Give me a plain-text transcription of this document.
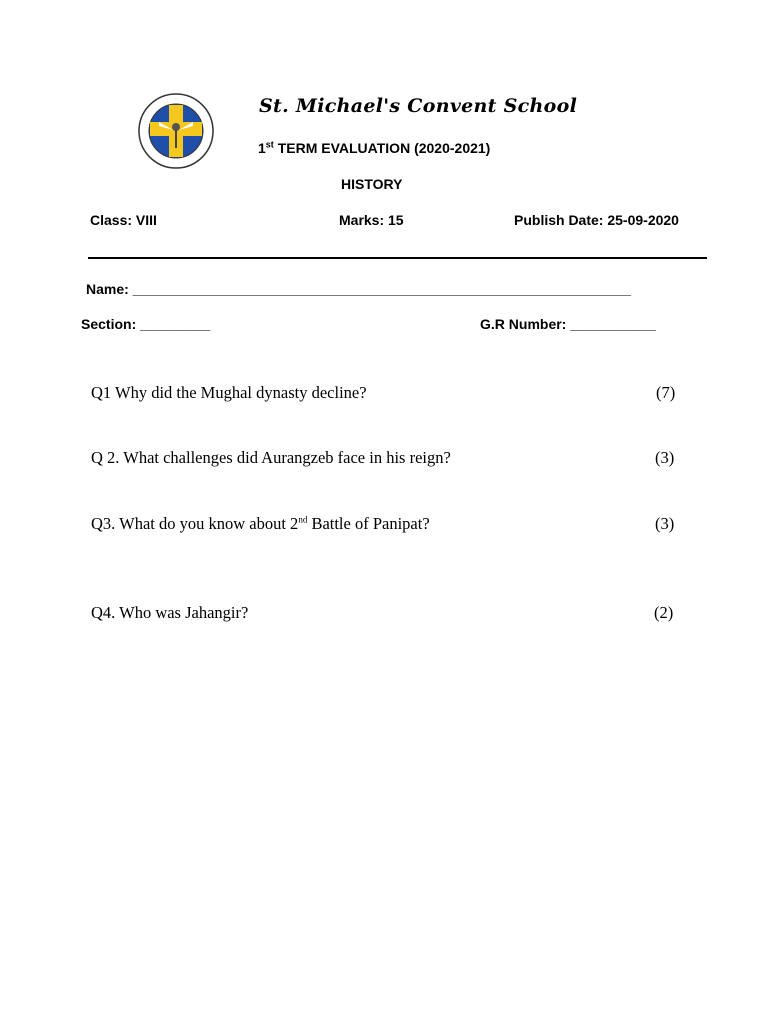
St. Michael's Convent School
1st TERM EVALUATION (2020-2021)
HISTORY
Class: VIII	Marks: 15	Publish Date: 25-09-2020
Name: ________________________________________________________________
Section: _________	G.R Number: ___________
Q1 Why did the Mughal dynasty decline?	(7)
Q 2. What challenges did Aurangzeb face in his reign?	(3)
Q3. What do you know about 2nd Battle of Panipat?	(3)
Q4. Who was Jahangir?	(2)
